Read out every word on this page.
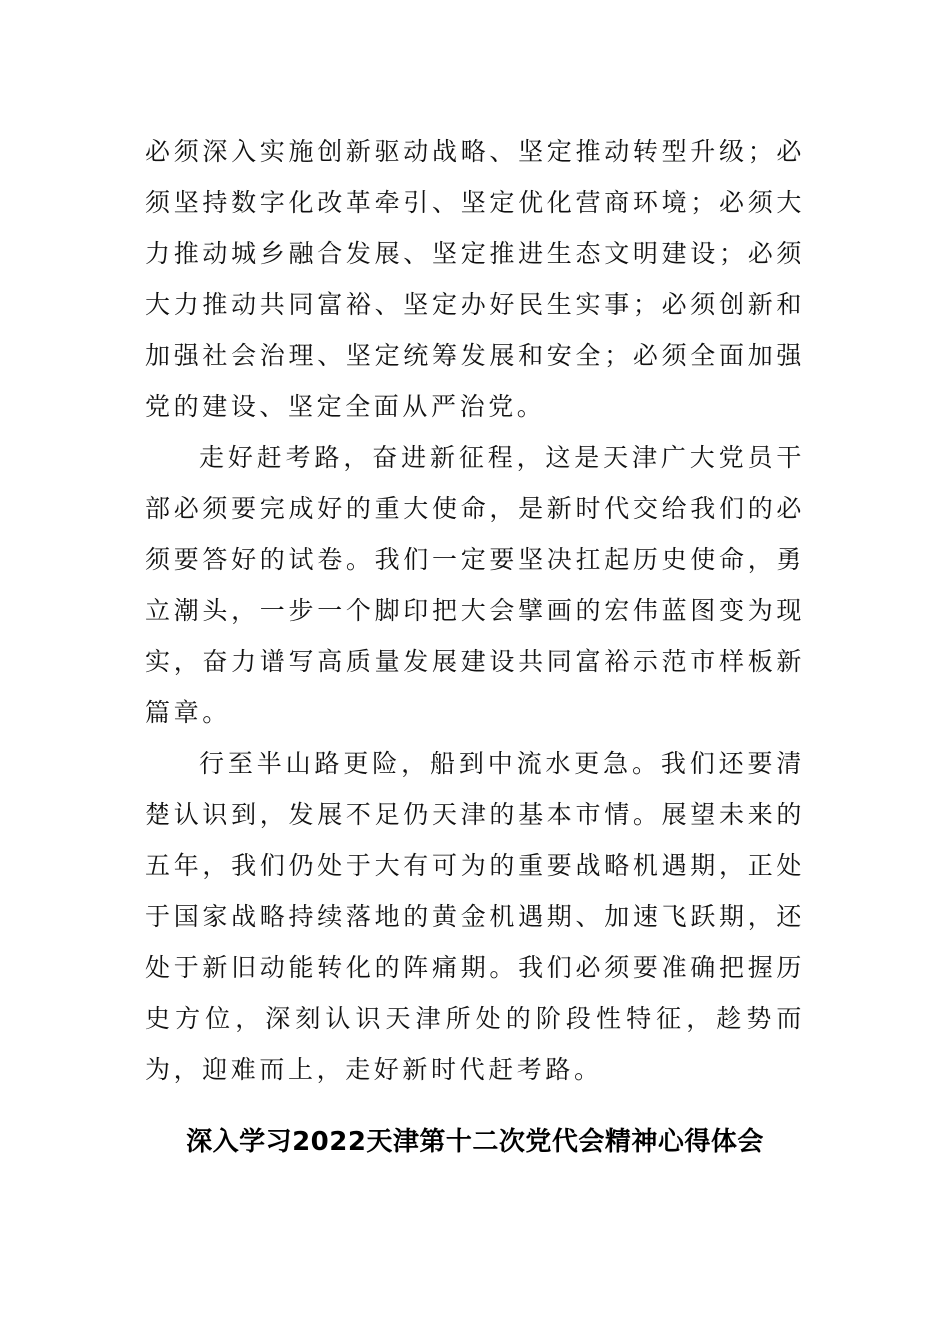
必须深入实施创新驱动战略、坚定推动转型升级；必须坚持数字化改革牵引、坚定优化营商环境；必须大力推动城乡融合发展、坚定推进生态文明建设；必须大力推动共同富裕、坚定办好民生实事；必须创新和加强社会治理、坚定统筹发展和安全；必须全面加强党的建设、坚定全面从严治党。

走好赶考路，奋进新征程，这是天津广大党员干部必须要完成好的重大使命，是新时代交给我们的必须要答好的试卷。我们一定要坚决扛起历史使命，勇立潮头，一步一个脚印把大会擘画的宏伟蓝图变为现实，奋力谱写高质量发展建设共同富裕示范市样板新篇章。

行至半山路更险，船到中流水更急。我们还要清楚认识到，发展不足仍天津的基本市情。展望未来的五年，我们仍处于大有可为的重要战略机遇期，正处于国家战略持续落地的黄金机遇期、加速飞跃期，还处于新旧动能转化的阵痛期。我们必须要准确把握历史方位，深刻认识天津所处的阶段性特征，趁势而为，迎难而上，走好新时代赶考路。

深入学习2022天津第十二次党代会精神心得体会
